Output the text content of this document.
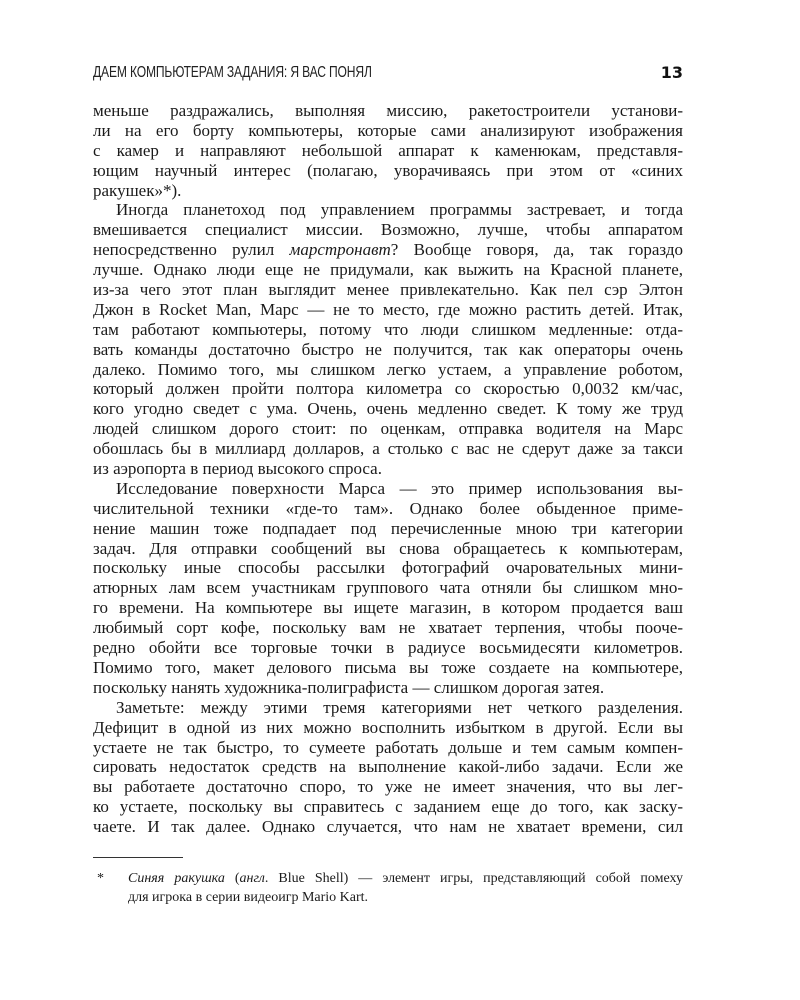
ДАЕМ КОМПЬЮТЕРАМ ЗАДАНИЯ: Я ВАС ПОНЯЛ	13
меньше раздражались, выполняя миссию, ракетостроители установи-
ли на его борту компьютеры, которые сами анализируют изображения
с камер и направляют небольшой аппарат к каменюкам, представля-
ющим научный интерес (полагаю, уворачиваясь при этом от «синих
ракушек»*).
Иногда планетоход под управлением программы застревает, и тогда
вмешивается специалист миссии. Возможно, лучше, чтобы аппаратом
непосредственно рулил марстронавт? Вообще говоря, да, так гораздо
лучше. Однако люди еще не придумали, как выжить на Красной планете,
из-за чего этот план выглядит менее привлекательно. Как пел сэр Элтон
Джон в Rocket Man, Марс — не то место, где можно растить детей. Итак,
там работают компьютеры, потому что люди слишком медленные: отда-
вать команды достаточно быстро не получится, так как операторы очень
далеко. Помимо того, мы слишком легко устаем, а управление роботом,
который должен пройти полтора километра со скоростью 0,0032 км/час,
кого угодно сведет с ума. Очень, очень медленно сведет. К тому же труд
людей слишком дорого стоит: по оценкам, отправка водителя на Марс
обошлась бы в миллиард долларов, а столько с вас не сдерут даже за такси
из аэропорта в период высокого спроса.
Исследование поверхности Марса — это пример использования вы-
числительной техники «где-то там». Однако более обыденное приме-
нение машин тоже подпадает под перечисленные мною три категории
задач. Для отправки сообщений вы снова обращаетесь к компьютерам,
поскольку иные способы рассылки фотографий очаровательных мини-
атюрных лам всем участникам группового чата отняли бы слишком мно-
го времени. На компьютере вы ищете магазин, в котором продается ваш
любимый сорт кофе, поскольку вам не хватает терпения, чтобы пооче-
редно обойти все торговые точки в радиусе восьмидесяти километров.
Помимо того, макет делового письма вы тоже создаете на компьютере,
поскольку нанять художника-полиграфиста — слишком дорогая затея.
Заметьте: между этими тремя категориями нет четкого разделения.
Дефицит в одной из них можно восполнить избытком в другой. Если вы
устаете не так быстро, то сумеете работать дольше и тем самым компен-
сировать недостаток средств на выполнение какой-либо задачи. Если же
вы работаете достаточно споро, то уже не имеет значения, что вы лег-
ко устаете, поскольку вы справитесь с заданием еще до того, как заску-
чаете. И так далее. Однако случается, что нам не хватает времени, сил
* Синяя ракушка (англ. Blue Shell) — элемент игры, представляющий собой помеху
для игрока в серии видеоигр Mario Kart.
